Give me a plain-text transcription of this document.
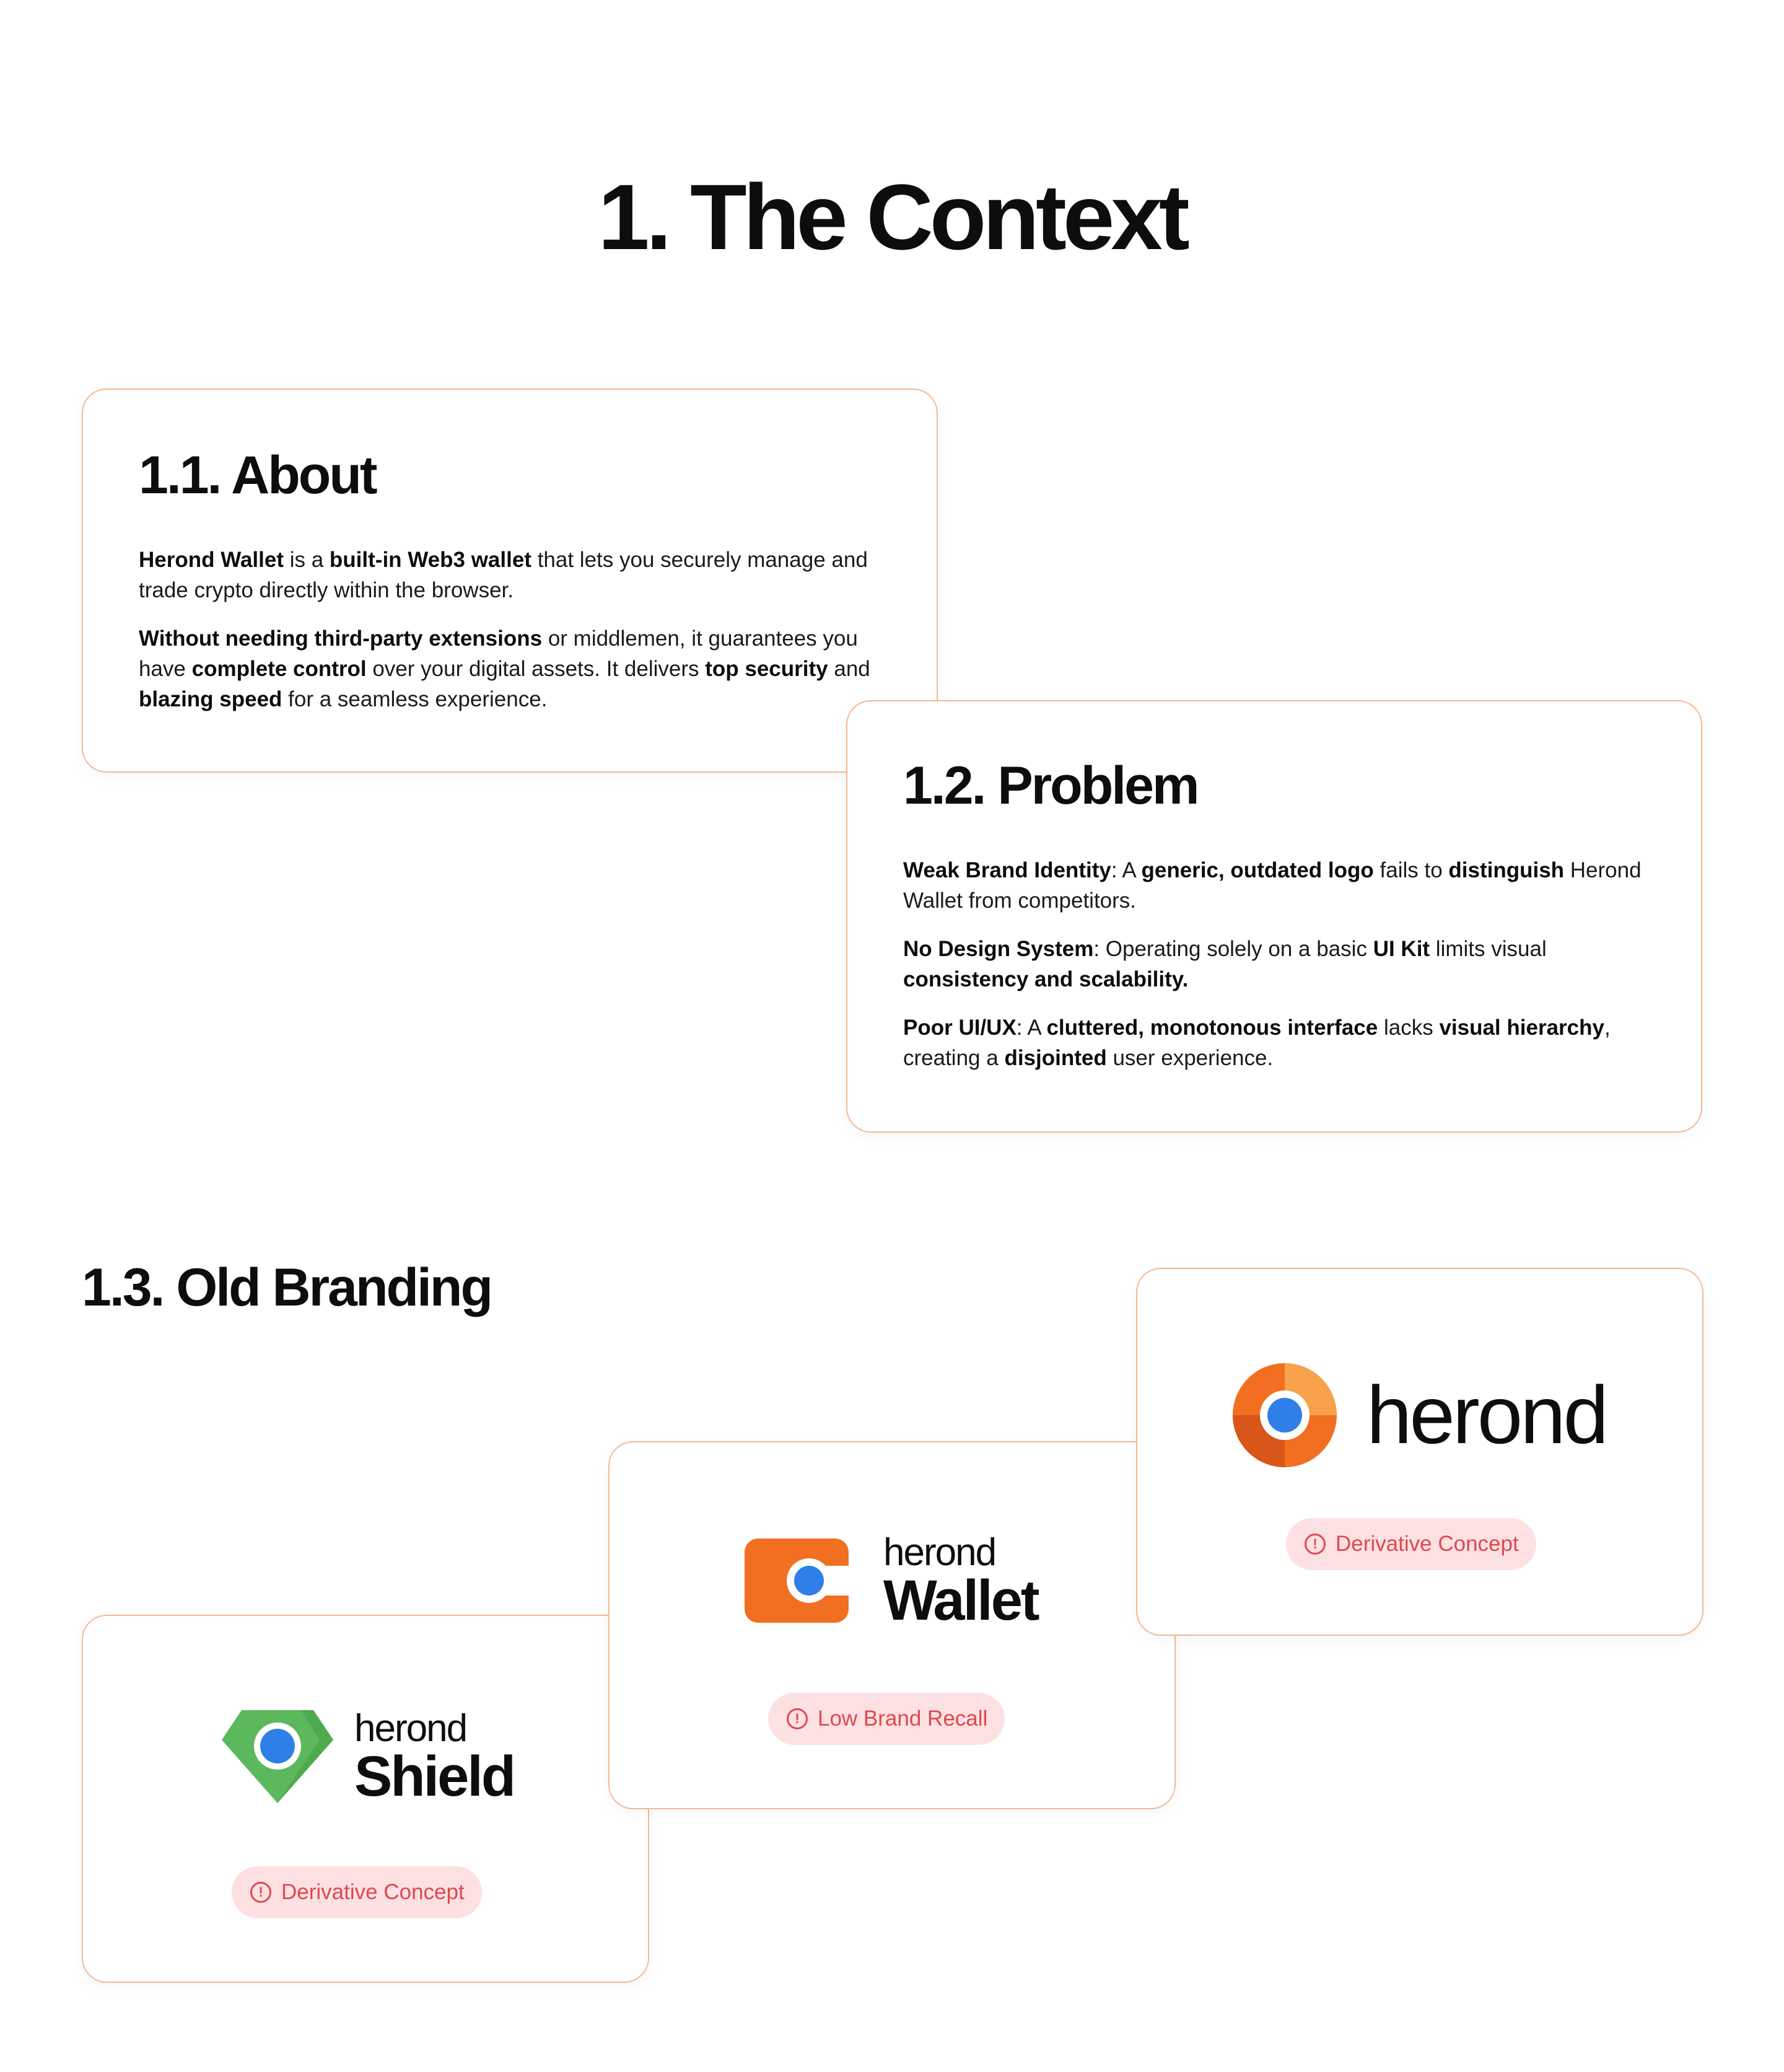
1. The Context
1.1. About

Herond Wallet is a built-in Web3 wallet that lets you securely manage and trade crypto directly within the browser.

Without needing third-party extensions or middlemen, it guarantees you have complete control over your digital assets. It delivers top security and blazing speed for a seamless experience.

1.2. Problem

Weak Brand Identity: A generic, outdated logo fails to distinguish Herond Wallet from competitors.

No Design System: Operating solely on a basic UI Kit limits visual consistency and scalability.

Poor UI/UX: A cluttered, monotonous interface lacks visual hierarchy, creating a disjointed user experience.

1.3. Old Branding
herond
Shield
! Derivative Concept
herond
Wallet
! Low Brand Recall
herond
! Derivative Concept
